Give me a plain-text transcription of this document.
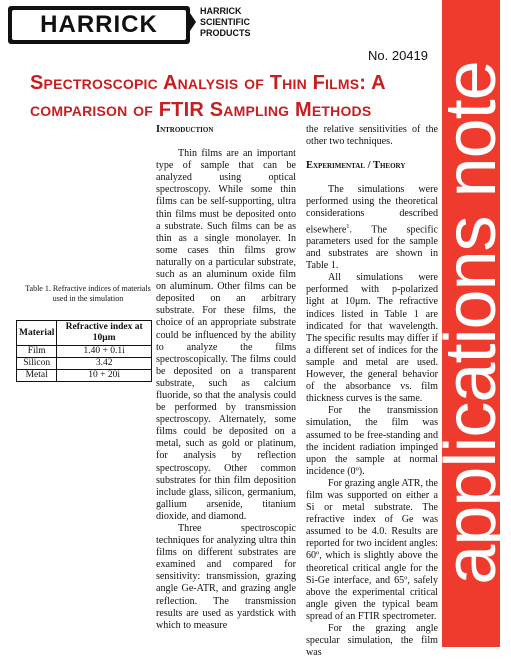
HARRICK	HARRICK
SCIENTIFIC
PRODUCTS
applications note
No. 20419
Spectroscopic Analysis of Thin Films: A comparison of FTIR Sampling Methods
Table 1. Refractive indices of materials used in the simulation
Material	Refractive index at 10μm
Film	1.40 + 0.1i
Silicon	3.42
Metal	10 + 20i

Introduction

Thin films are an important type of sample that can be analyzed using optical spectroscopy. While some thin films can be self-supporting, ultra thin films must be deposited onto a substrate. Such films can be as thin as a single monolayer. In some cases thin films grow naturally on a particular substrate, such as an aluminum oxide film on aluminum. Other films can be deposited on an arbitrary substrate. For these films, the choice of an appropriate substrate could be influenced by the ability to analyze the films spectroscopically. The films could be deposited on a transparent substrate, such as calcium fluoride, so that the analysis could be performed by transmission spectroscopy. Alternately, some films could be deposited on a metal, such as gold or platinum, for analysis by reflection spectroscopy. Other common substrates for thin film deposition include glass, silicon, germanium, gallium arsenide, titanium dioxide, and diamond.

Three spectroscopic techniques for analyzing ultra thin films on different substrates are examined and compared for sensitivity: transmission, grazing angle Ge-ATR, and grazing angle reflection. The transmission results are used as yardstick with which to measure

the relative sensitivities of the other two techniques.

Experimental / Theory

The simulations were performed using the theoretical considerations described elsewhere$^1$. The specific parameters used for the sample and substrates are shown in Table 1.

All simulations were performed with p-polarized light at 10μm. The refractive indices listed in Table 1 are indicated for that wavelength. The specific results may differ if a different set of indices for the sample and metal are used. However, the general behavior of the absorbance vs. film thickness curves is the same.

For the transmission simulation, the film was assumed to be free-standing and the incident radiation impinged upon the sample at normal incidence (0º).

For grazing angle ATR, the film was supported on either a Si or metal substrate. The refractive index of Ge was assumed to be 4.0. Results are reported for two incident angles: 60º, which is slightly above the theoretical critical angle for the Si-Ge interface, and 65º, safely above the experimental critical angle given the typical beam spread of an FTIR spectrometer.

For the grazing angle specular simulation, the film was
